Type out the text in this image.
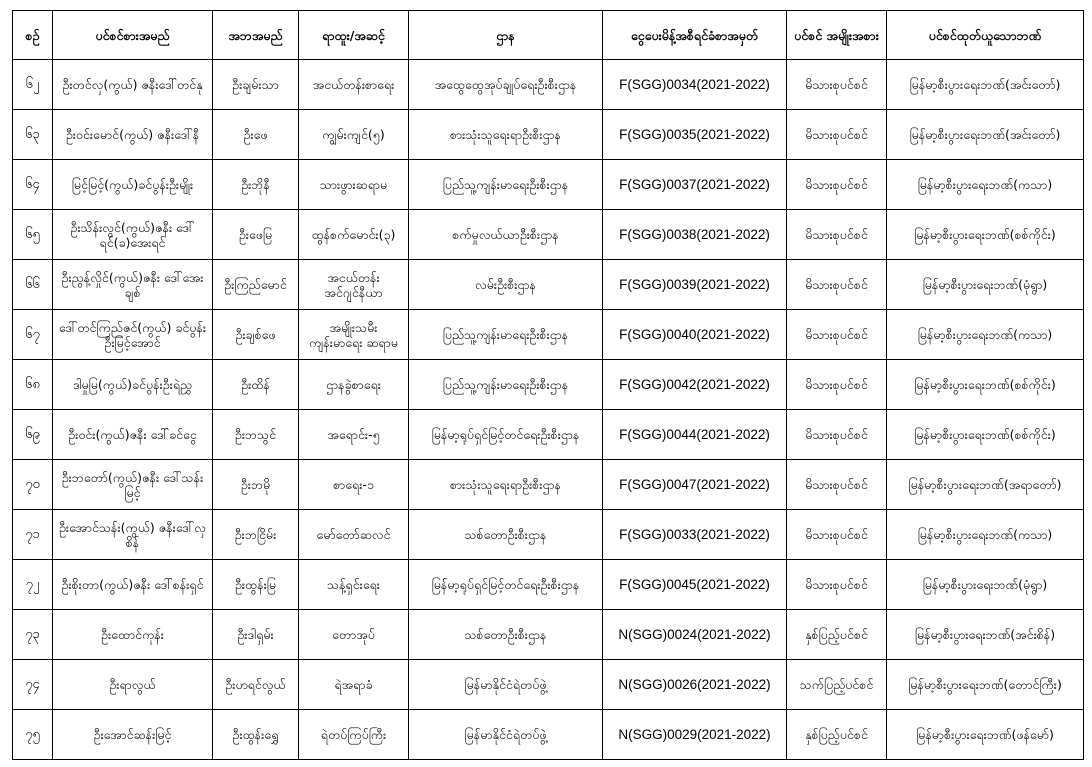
စဉ်	ပင်စင်စားအမည်	အဘအမည်	ရာထူး/အဆင့်	ဌာန	ငွေပေးမိန့်အစီရင်ခံစာအမှတ်	ပင်စင် အမျိုးအစား	ပင်စင်ထုတ်ယူသောဘဏ်
၆၂	ဦးတင်လှ(ကွယ်) ဇနီးဒေါ်တင်နု	ဦးချမ်းသာ	အငယ်တန်းစာရေး	အထွေထွေအုပ်ချုပ်ရေးဦးစီးဌာန	F(SGG)0034(2021-2022)	မိသားစုပင်စင်	မြန်မာ့စီးပွားရေးဘဏ်(အင်းတော်)
၆၃	ဦးဝင်းမောင်(ကွယ်) ဇနီးဒေါ်နီ	ဦးဖေ	ကျွမ်းကျင်(၅)	စားသုံးသူရေးရာဦးစီးဌာန	F(SGG)0035(2021-2022)	မိသားစုပင်စင်	မြန်မာ့စီးပွားရေးဘဏ်(အင်းတော်)
၆၄	မြင့်မြင့်(ကွယ်)ခင်ပွန်းဦးမျိုး	ဦးဘိုနီ	သားဖွားဆရာမ	ပြည်သူ့ကျန်းမာရေးဦးစီးဌာန	F(SGG)0037(2021-2022)	မိသားစုပင်စင်	မြန်မာ့စီးပွားရေးဘဏ်(ကသာ)
၆၅	ဦးသိန်းလွင်(ကွယ်)ဇနီး ဒေါ်ရင်(ခ)အေးရင်	ဦးဖေမြ	ထွန်စက်မောင်း(၃)	စက်မှုလယ်ယာဦးစီးဌာန	F(SGG)0038(2021-2022)	မိသားစုပင်စင်	မြန်မာ့စီးပွားရေးဘဏ်(စစ်ကိုင်း)
၆၆	ဦးညွန့်လှိုင်(ကွယ်)ဇနီး ဒေါ်အေးချစ်	ဦးကြည်မောင်	အငယ်တန်း အင်ဂျင်နီယာ	လမ်းဦးစီးဌာန	F(SGG)0039(2021-2022)	မိသားစုပင်စင်	မြန်မာ့စီးပွားရေးဘဏ်(မုံရွာ)
၆၇	ဒေါ်တင်ကြည်ဇင်(ကွယ်) ခင်ပွန်းဦးမြင့်အောင်	ဦးချစ်ဖေ	အမျိုးသမီး ကျန်းမာရေး ဆရာမ	ပြည်သူ့ကျန်းမာရေးဦးစီးဌာန	F(SGG)0040(2021-2022)	မိသားစုပင်စင်	မြန်မာ့စီးပွားရေးဘဏ်(ကသာ)
၆၈	ဒါမှုမြ(ကွယ်)ခင်ပွန်းဦးရဲညွှ	ဦးထိန်	ဌာနခွဲစာရေး	ပြည်သူ့ကျန်းမာရေးဦးစီးဌာန	F(SGG)0042(2021-2022)	မိသားစုပင်စင်	မြန်မာ့စီးပွားရေးဘဏ်(စစ်ကိုင်း)
၆၉	ဦးဝင်း(ကွယ်)ဇနီး ဒေါ်ခင်ငွေ	ဦးဘသွင်	အရောင်း-၅	မြန်မာ့ရုပ်ရှင်မြင့်တင်ရေးဦးစီးဌာန	F(SGG)0044(2021-2022)	မိသားစုပင်စင်	မြန်မာ့စီးပွားရေးဘဏ်(စစ်ကိုင်း)
၇၀	ဦးဘတော်(ကွယ်)ဇနီး ဒေါ်သန်းမြင့်	ဦးဘမို	စာရေး-၁	စားသုံးသူရေးရာဦးစီးဌာန	F(SGG)0047(2021-2022)	မိသားစုပင်စင်	မြန်မာ့စီးပွားရေးဘဏ်(အရာတော်)
၇၁	ဦးအောင်သန်း(ကွယ်) ဇနီးဒေါ်လှစိန်	ဦးဘငြိမ်း	မော်တော်ဆလင်	သစ်တောဦးစီးဌာန	F(SGG)0033(2021-2022)	မိသားစုပင်စင်	မြန်မာ့စီးပွားရေးဘဏ်(ကသာ)
၇၂	ဦးစိုးတာ(ကွယ်)ဇနီး ဒေါ်စန်းရှင်	ဦးထွန်းမြ	သန့်ရှင်းရေး	မြန်မာ့ရုပ်ရှင်မြင့်တင်ရေးဦးစီးဌာန	F(SGG)0045(2021-2022)	မိသားစုပင်စင်	မြန်မာ့စီးပွားရေးဘဏ်(မုံရွာ)
၇၃	ဦးထောင်ကုန်း	ဦးဒါရှမ်း	တောအုပ်	သစ်တောဦးစီးဌာန	N(SGG)0024(2021-2022)	နှစ်ပြည့်ပင်စင်	မြန်မာ့စီးပွားရေးဘဏ်(အင်းစိန်)
၇၄	ဦးရာလွယ်	ဦးဟရင်လွယ်	ရဲအရာခံ	မြန်မာနိုင်ငံရဲတပ်ဖွဲ့	N(SGG)0026(2021-2022)	သက်ပြည့်ပင်စင်	မြန်မာ့စီးပွားရေးဘဏ်(တောင်ကြီး)
၇၅	ဦးအောင်ဆန်းမြင့်	ဦးထွန်းရွှေ	ရဲတပ်ကြပ်ကြီး	မြန်မာနိုင်ငံရဲတပ်ဖွဲ့	N(SGG)0029(2021-2022)	နှစ်ပြည့်ပင်စင်	မြန်မာ့စီးပွားရေးဘဏ်(ဖန်မော်)
